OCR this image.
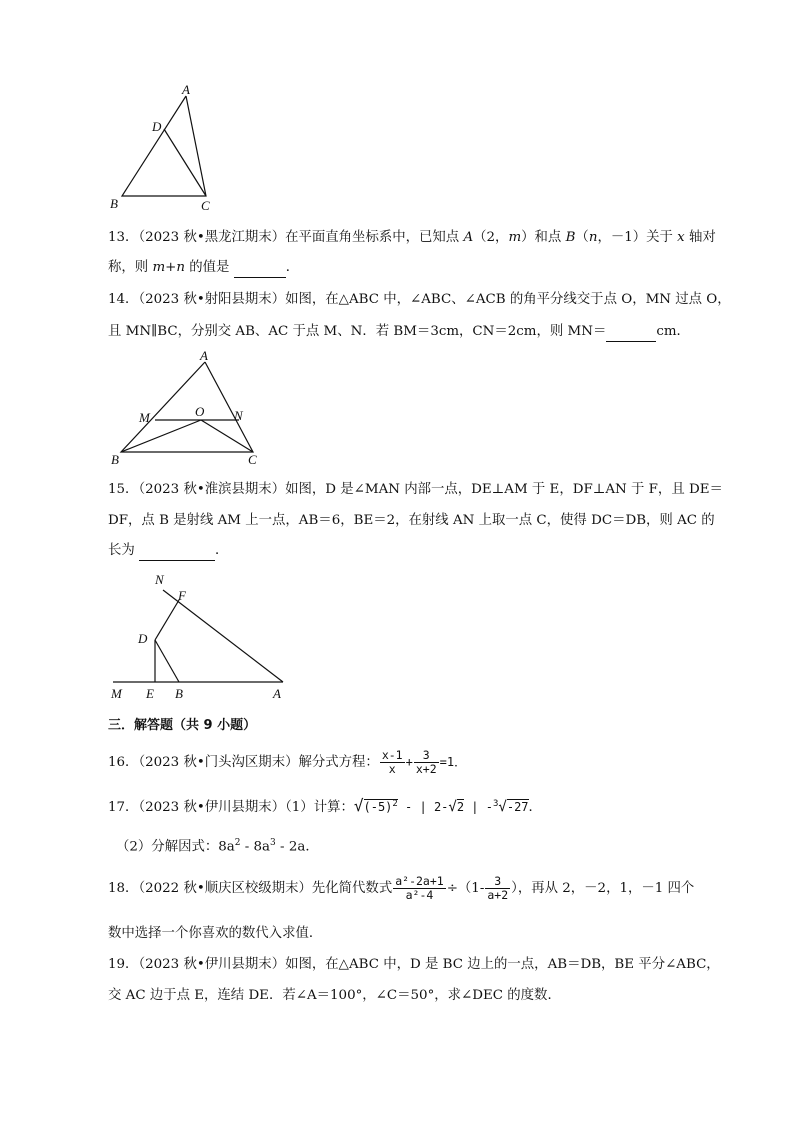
A
D
B	C
13．（2023 秋•黑龙江期末）在平面直角坐标系中，已知点 A（2，m）和点 B（n，－1）关于 x 轴对
称，则 m+n 的值是	．
14．（2023 秋•射阳县期末）如图，在△ABC 中，∠ABC、∠ACB 的角平分线交于点 O，MN 过点 O，
且 MN∥BC，分别交 AB、AC 于点 M、N．若 BM＝3cm，CN＝2cm，则 MN＝	cm．
A
M	O N
B	C
15．（2023 秋•淮滨县期末）如图，D 是∠MAN 内部一点，DE⊥AM 于 E，DF⊥AN 于 F，且 DE＝
DF，点 B 是射线 AM 上一点，AB＝6，BE＝2，在射线 AN 上取一点 C，使得 DC＝DB，则 AC 的
长为	．
N
F
D
M E B	A
三．解答题（共 9 小题）
16．（2023 秋•门头沟区期末）解分式方程： $\frac{x-1}{x} + \frac{3}{x+2} =1$．
17．（2023 秋•伊川县期末）（1）计算：$√(-5)^2$ - | 2-√2 | -$^3$√-27．
（2）分解因式：$8a^2 - 8a^3 - 2a$．
18．（2022 秋•顺庆区校级期末）先化简代数式 $\frac{\text{a²-2a+1}}{\text{a²-4}} \div(1- \frac{3}{a+2}$ ），再从 2，－2，1，－1 四个
数中选择一个你喜欢的数代入求值．
19．（2023 秋•伊川县期末）如图，在△ABC 中，D 是 BC 边上的一点，AB＝DB，BE 平分∠ABC，
交 AC 边于点 E，连结 DE．若∠A＝100°，∠C＝50°，求∠DEC 的度数．
